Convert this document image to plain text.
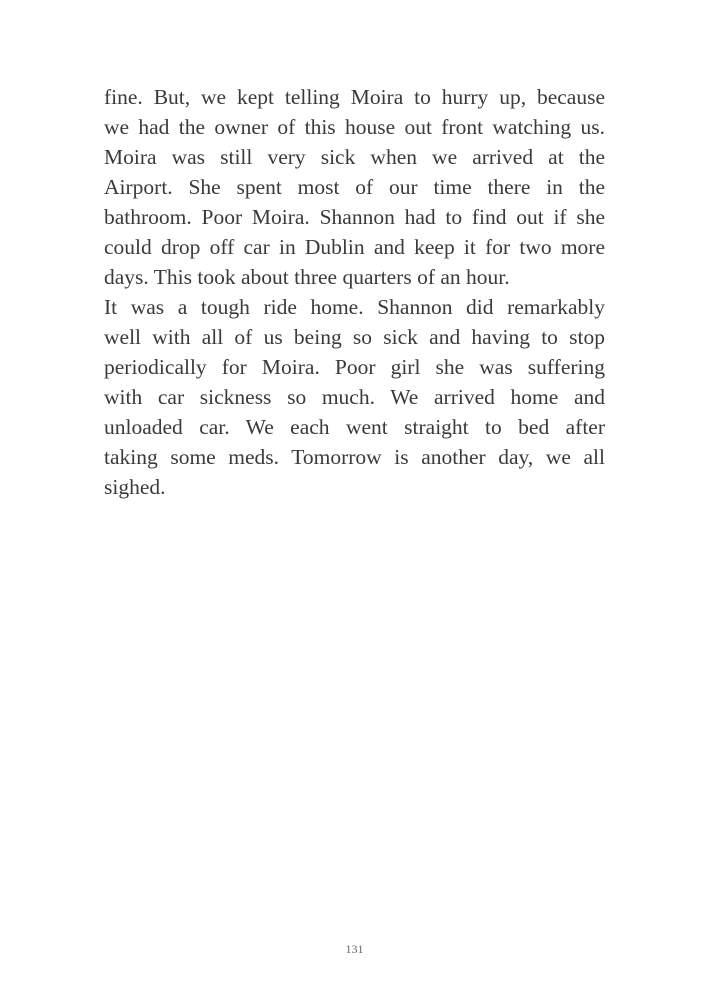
fine. But, we kept telling Moira to hurry up, because
we had the owner of this house out front watching us.
Moira was still very sick when we arrived at the
Airport. She spent most of our time there in the
bathroom. Poor Moira. Shannon had to find out if she
could drop off car in Dublin and keep it for two more
days. This took about three quarters of an hour.

It was a tough ride home. Shannon did remarkably
well with all of us being so sick and having to stop
periodically for Moira. Poor girl she was suffering
with car sickness so much. We arrived home and
unloaded car. We each went straight to bed after
taking some meds. Tomorrow is another day, we all
sighed.

131
